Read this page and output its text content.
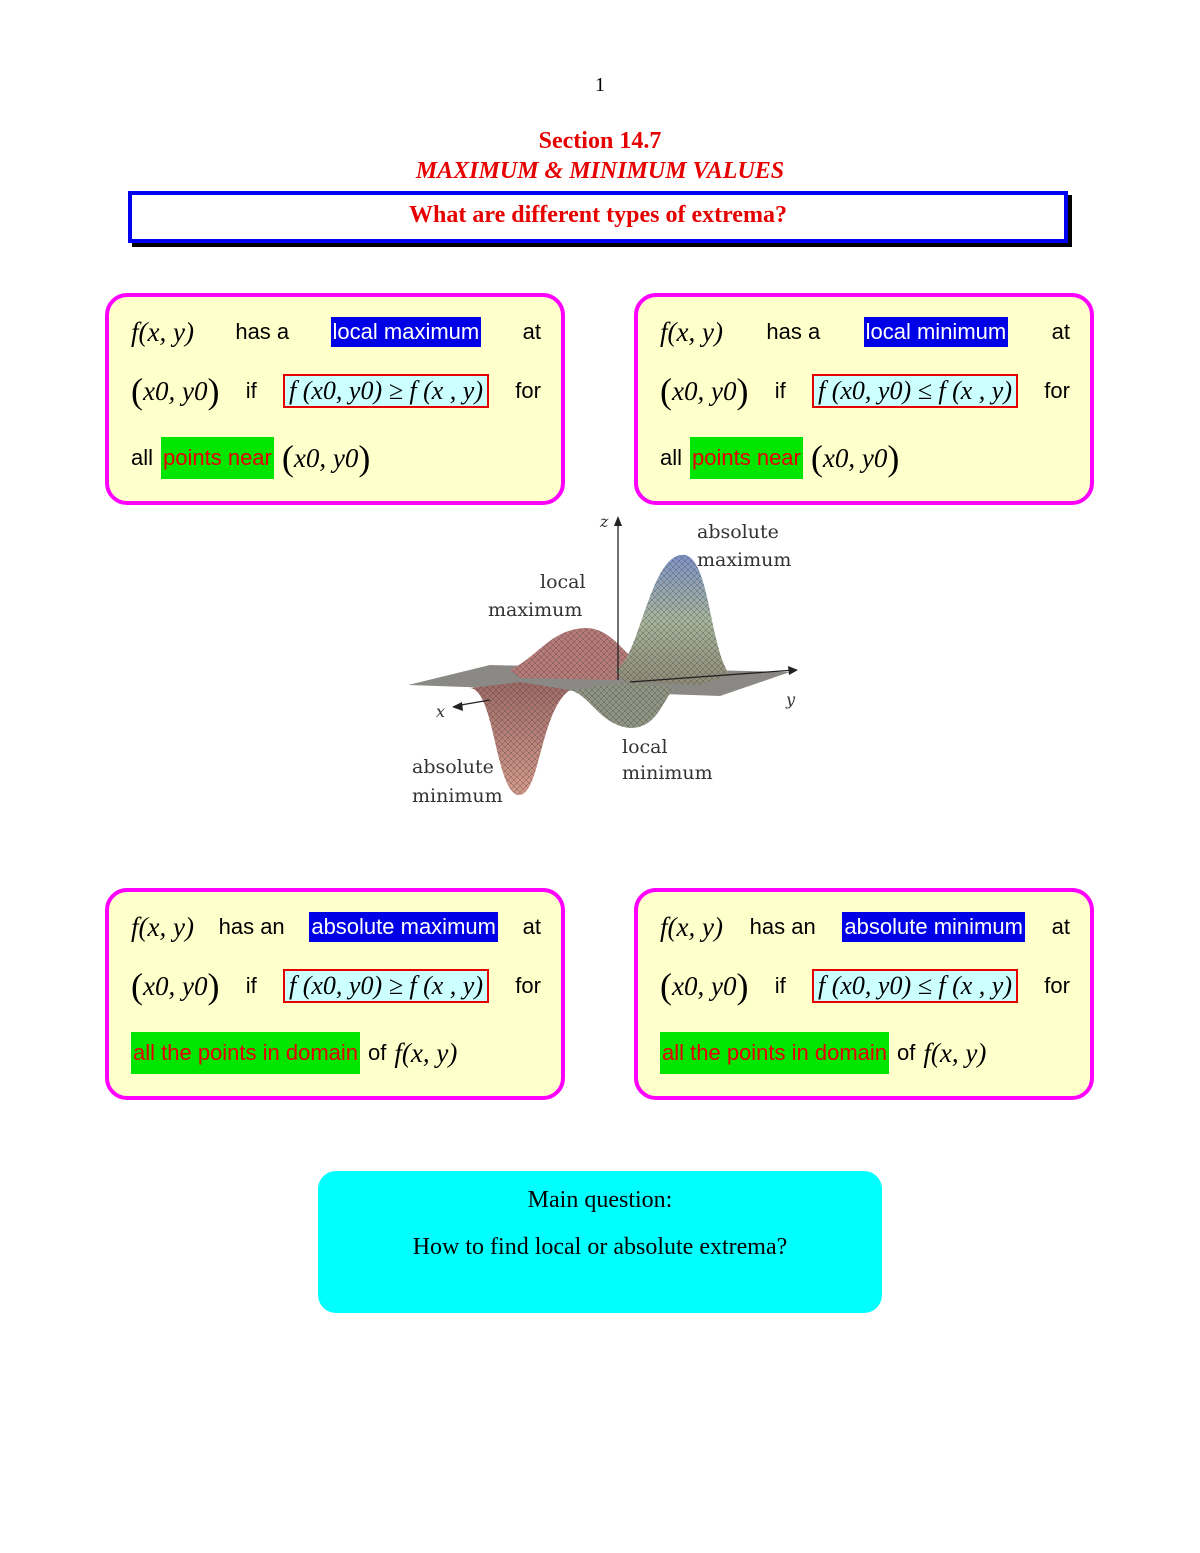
1
Section 14.7
MAXIMUM & MINIMUM VALUES
What are different types of extrema?
f(x, y) has a local maximum at
(x0, y0) if f (x0, y0) ≥ f (x , y) for
all points near (x0, y0)
f(x, y) has a local minimum at
(x0, y0) if f (x0, y0) ≤ f (x , y) for
all points near (x0, y0)
z
x
y
absolute
maximum
local
maximum
local
minimum
absolute
minimum
f(x, y) has an absolute maximum at
(x0, y0) if f (x0, y0) ≥ f (x , y) for
all the points in domain of f(x, y)
f(x, y) has an absolute minimum at
(x0, y0) if f (x0, y0) ≤ f (x , y) for
all the points in domain of f(x, y)
Main question:
How to find local or absolute extrema?
